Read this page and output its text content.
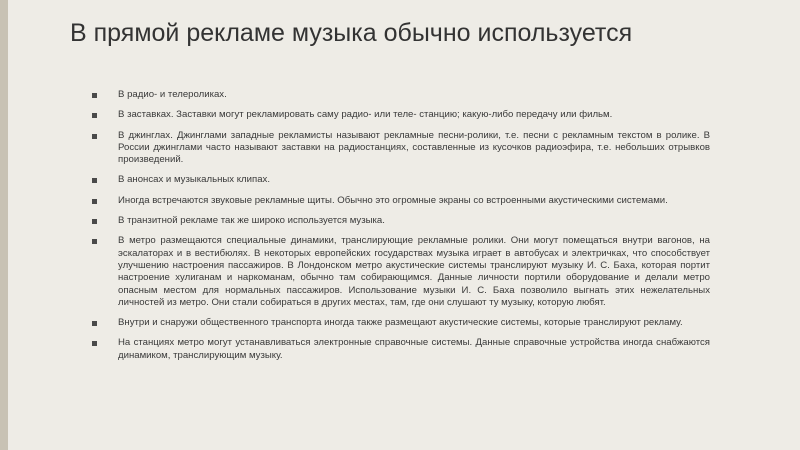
В прямой рекламе музыка обычно используется
В радио- и телероликах.
В заставках. Заставки могут рекламировать саму радио- или теле- станцию; какую-либо передачу или фильм.
В джинглах. Джинглами западные рекламисты называют рекламные песни-ролики, т.е. песни с рекламным текстом в ролике. В России джинглами часто называют заставки на радиостанциях, составленные из кусочков радиоэфира, т.е. небольших отрывков произведений.
В анонсах и музыкальных клипах.
Иногда встречаются звуковые рекламные щиты. Обычно это огромные экраны со встроенными акустическими системами.
В транзитной рекламе так же широко используется музыка.
В метро размещаются специальные динамики, транслирующие рекламные ролики. Они могут помещаться внутри вагонов, на эскалаторах и в вестибюлях. В некоторых европейских государствах музыка играет в автобусах и электричках, что способствует улучшению настроения пассажиров. В Лондонском метро акустические системы транслируют музыку И. С. Баха, которая портит настроение хулиганам и наркоманам, обычно там собирающимся. Данные личности портили оборудование и делали метро опасным местом для нормальных пассажиров. Использование музыки И. С. Баха позволило выгнать этих нежелательных личностей из метро. Они стали собираться в других местах, там, где они слушают ту музыку, которую любят.
Внутри и снаружи общественного транспорта иногда также размещают акустические системы, которые транслируют рекламу.
На станциях метро могут устанавливаться электронные справочные системы. Данные справочные устройства иногда снабжаются динамиком, транслирующим музыку.
